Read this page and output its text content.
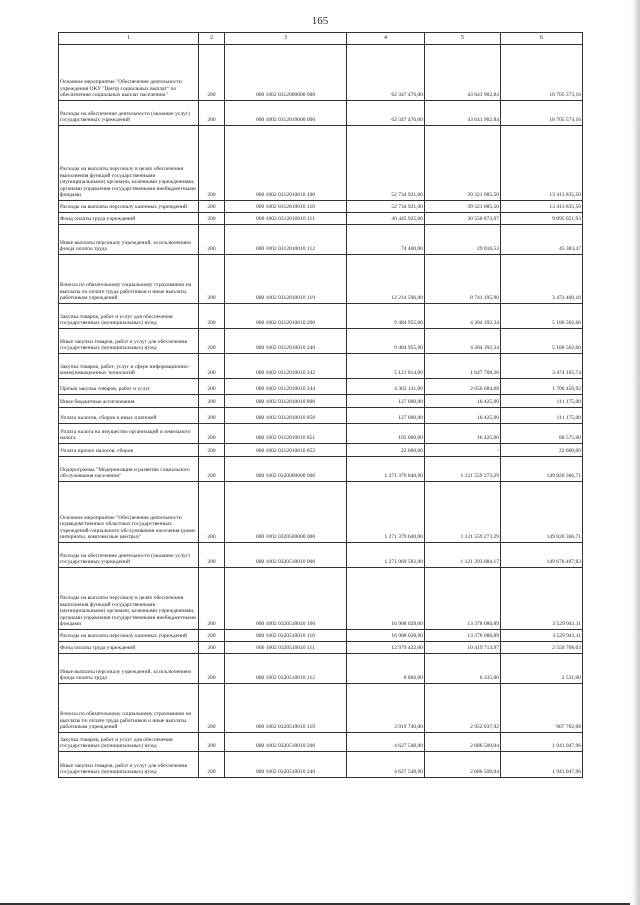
165
1	2	3	4	5	6
Основное мероприятие "Обеспечение деятельности учреждения ОКУ "Центр социальных выплат" по обеспечению социальных выплат населению"	200	000 1002 0312000000 000	62 347 476,00	43 641 902,84	18 705 573,16
Расходы на обеспечение деятельности (оказание услуг) государственных учреждений	200	000 1002 0312010000 000	62 347 476,00	43 641 902,84	18 705 573,16
Расходы на выплаты персоналу в целях обеспечения выполнения функций государственными (муниципальными) органами, казенными учреждениями, органами управления государственными внебюджетными фондами	200	000 1002 0312010010 100	52 734 921,00	39 321 085,50	13 413 835,50
Расходы на выплаты персоналу казенных учреждений	200	000 1002 0312010010 110	52 734 921,00	39 321 085,50	13 413 835,50
Фонд оплаты труда учреждений	200	000 1002 0312010010 111	40 445 925,00	30 550 873,07	9 895 051,93
Иные выплаты персоналу учреждений, за исключением фонда оплаты труда	200	000 1002 0312010010 112	74 400,00	29 016,53	45 383,47
Взносы по обязательному социальному страхованию на выплаты по оплате труда работников и иные выплаты работникам учреждений	200	000 1002 0312010010 119	12 214 596,00	8 741 195,90	3 473 400,10
Закупка товаров, работ и услуг для обеспечения государственных (муниципальных) нужд	200	000 1002 0312010010 200	9 484 955,00	4 304 392,34	5 180 562,66
Иные закупки товаров, работ и услуг для обеспечения государственных (муниципальных) нужд	200	000 1002 0312010010 240	9 484 955,00	4 304 392,34	5 180 562,66
Закупка товаров, работ, услуг в сфере информационно-коммуникационных технологий	200	000 1002 0312010010 242	5 121 814,00	1 647 708,26	3 474 105,74
Прочая закупка товаров, работ и услуг	200	000 1002 0312010010 244	4 363 141,00	2 656 684,08	1 706 456,92
Иные бюджетные ассигнования	200	000 1002 0312010010 800	127 600,00	16 425,00	111 175,00
Уплата налогов, сборов и иных платежей	200	000 1002 0312010010 850	127 600,00	16 425,00	111 175,00
Уплата налога на имущество организаций и земельного налога	200	000 1002 0312010010 851	105 000,00	16 425,00	88 575,00
Уплата прочих налогов, сборов	200	000 1002 0312010010 852	22 600,00	-	22 600,00
Подпрограмма "Модернизация и развитие социального обслуживания населения"	200	000 1002 0320000000 000	1 271 379 640,00	1 121 559 273,29	149 820 366,71
Основное мероприятие "Обеспечение деятельности подведомственных областных государственных учреждений социального обслуживания населения (дома-интернаты, комплексные центры)"	200	000 1002 0320500000 000	1 271 379 640,00	1 121 559 273,29	149 820 366,71
Расходы на обеспечение деятельности (оказание услуг) государственных учреждений	200	000 1002 0320510010 000	1 271 069 582,00	1 121 393 084,17	149 676 497,83
Расходы на выплаты персоналу в целях обеспечения выполнения функций государственными (муниципальными) органами, казенными учреждениями, органами управления государственными внебюджетными фондами	200	000 1002 0320510010 100	16 908 028,00	13 378 086,89	3 529 941,11
Расходы на выплаты персоналу казенных учреждений	200	000 1002 0320510010 110	16 908 028,00	13 378 086,89	3 529 941,11
Фонд оплаты труда учреждений	200	000 1002 0320510010 111	12 979 422,00	10 419 713,97	2 559 708,03
Иные выплаты персоналу учреждений, за исключением фонда оплаты труда	200	000 1002 0320510010 112	8 866,00	6 335,00	2 531,00
Взносы по обязательному социальному страхованию на выплаты по оплате труда работников и иные выплаты работникам учреждений	200	000 1002 0320510010 119	3 919 740,00	2 952 037,92	967 702,08
Закупка товаров, работ и услуг для обеспечения государственных (муниципальных) нужд	200	000 1002 0320510010 200	4 627 548,00	2 686 500,04	1 941 047,96
Иные закупки товаров, работ и услуг для обеспечения государственных (муниципальных) нужд	200	000 1002 0320510010 240	4 627 548,00	2 686 500,04	1 941 047,96
